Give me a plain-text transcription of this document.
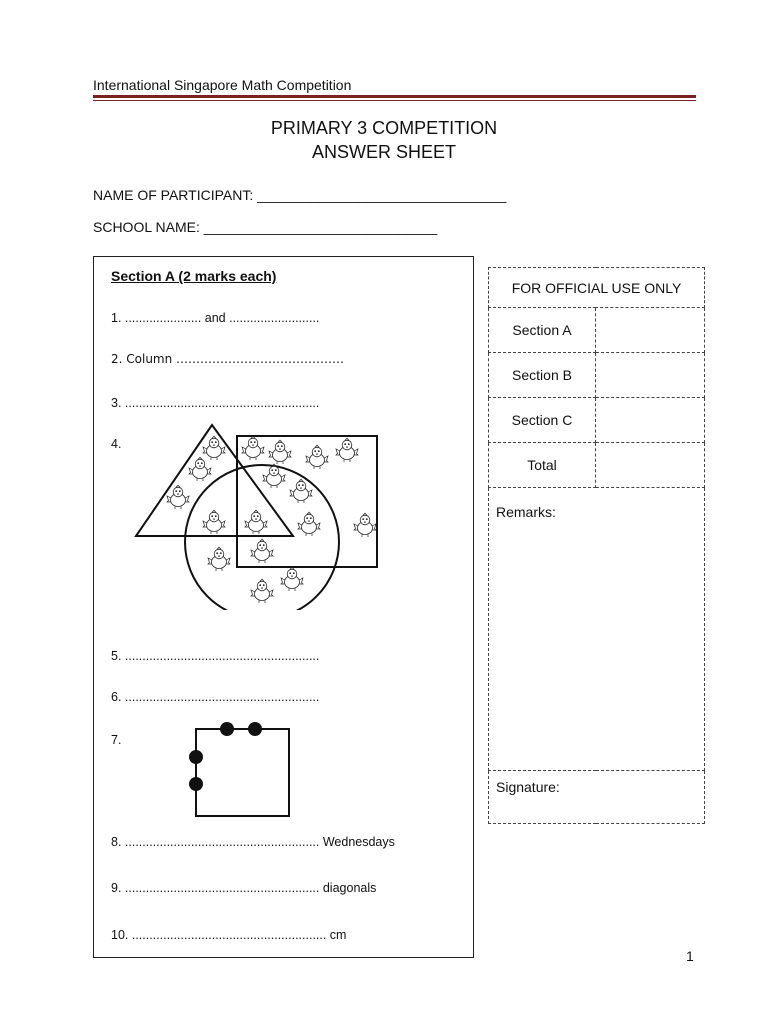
International Singapore Math Competition
PRIMARY 3 COMPETITION
ANSWER SHEET
NAME OF PARTICIPANT: ________________________________
SCHOOL NAME: ______________________________
Section A (2 marks each)
1. ...................... and ..........................
2. Column ……………………………………
3. ........................................................
4.
5. ........................................................
6. ........................................................
7.
8. ........................................................ Wednesdays
9. ........................................................ diagonals
10. ........................................................ cm
FOR OFFICIAL USE ONLY	
Section A	
Section B	
Section C	
Total	
Remarks:	
Signature:	
1
